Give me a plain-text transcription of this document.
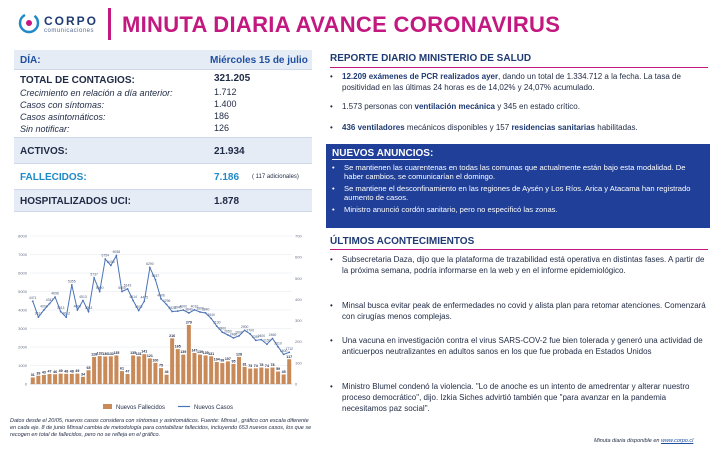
CORPO
comunicaciones MINUTA DIARIA AVANCE CORONAVIRUS
DÍA:	Miércoles 15 de julio
TOTAL DE CONTAGIOS:	321.205
Crecimiento en relación a día anterior:	1.712
Casos con síntomas:	1.400
Casos asintomáticos:	186
Sin notificar:	126
ACTIVOS:	21.934
FALLECIDOS:	7.186 ( 117 adicionales)
HOSPITALIZADOS UCI:	1.878
8000
7000
6000
5000
4000
3000
2000
1000
0
700
600
500
400
300
200
100
0
31 39 43 47 46 49 48 48 49
34
65
128 132 130 131 135
61
47
135 131
141
121
100
75
44
216
165
139
279
147 139 135 131
104 99 107
95
128
81 73 74 78 74 78
59
45
117
4471
3617
4000
4342
4696
3913
3612
5355
4000
4513
3913
5737
5000
6754
6405
6938
5000
5143
4514
3972
4475
6290
5637
4606
4296
3920
3940
4000
3840
4010
3890
3840
3540
3130
2800
2650
2486
2600
2900
2700
2357
2400
2150
2460
2010
1600
1712
Nuevos Fallecidos	Nuevos Casos
Datos desde el 20/05, nuevos casos considera con síntomas y asintomáticos. Fuente: Minsal , gráfico con escala diferente en cada eje. 8 de junio Minsal cambia de metodología para contabilizar fallecidos, incluyendo 653 nuevos casos, los que se recogen en total de fallecidos, pero no se refleja en el gráfico.
REPORTE DIARIO MINISTERIO DE SALUD
• 12.209 exámenes de PCR realizados ayer, dando un total de 1.334.712 a la fecha. La tasa de positividad en las últimas 24 horas es de 14,02% y 24,07% acumulado.
• 1.573 personas con ventilación mecánica y 345 en estado crítico.
• 436 ventiladores mecánicos disponibles y 157 residencias sanitarias habilitadas.
NUEVOS ANUNCIOS:
• Se mantienen las cuarentenas en todas las comunas que actualmente están bajo esta modalidad. De haber cambios, se comunicarían el domingo.
• Se mantiene el desconfinamiento en las regiones de Aysén y Los Ríos. Arica y Atacama han registrado aumento de casos.
• Ministro anunció cordón sanitario, pero no especificó las zonas.
ÚLTIMOS ACONTECIMIENTOS
• Subsecretaria Daza, dijo que la plataforma de trazabilidad está operativa en distintas fases. A partir de la próxima semana, podría informarse en la web y en el informe epidemiológico.
• Minsal busca evitar peak de enfermedades no covid y alista plan para retomar atenciones. Comenzará con cirugías menos complejas.
• Una vacuna en investigación contra el virus SARS-COV-2 fue bien tolerada y generó una actividad de anticuerpos neutralizantes en adultos sanos en los que fue probada en Estados Unidos
• Ministro Blumel condenó la violencia. "Lo de anoche es un intento de amedrentar y alterar nuestro proceso democrático", dijo. Izkia Siches advirtió también que "para avanzar en la pandemia necesitamos paz social".
Minuta diaria disponible en www.corpo.cl
